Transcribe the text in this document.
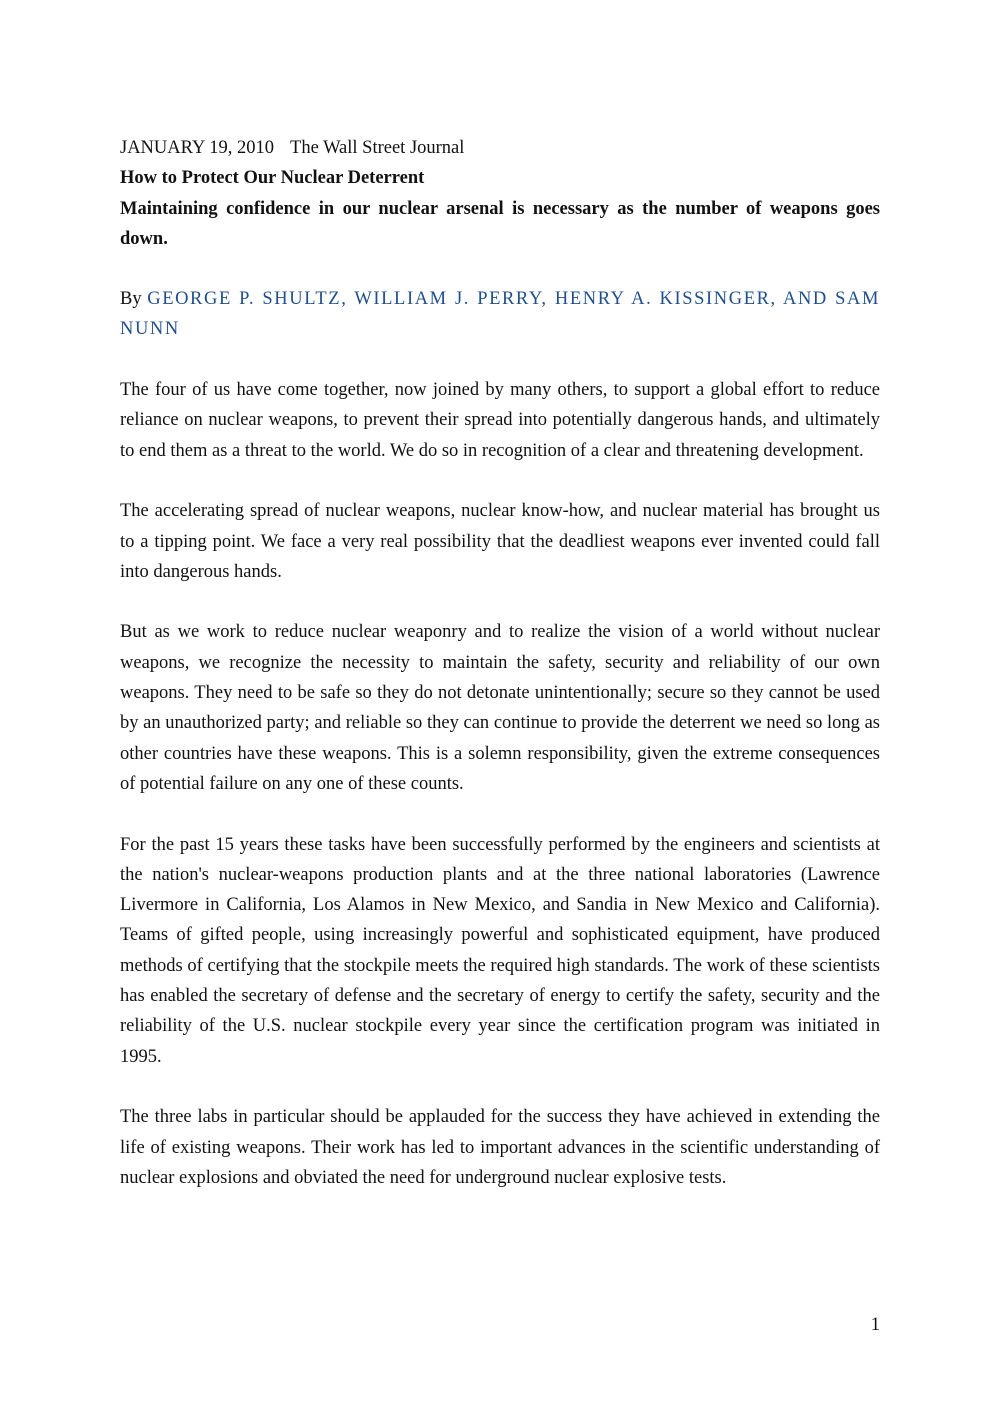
JANUARY 19, 2010 The Wall Street Journal

How to Protect Our Nuclear Deterrent

Maintaining confidence in our nuclear arsenal is necessary as the number of weapons goes down.

By GEORGE P. SHULTZ, WILLIAM J. PERRY, HENRY A. KISSINGER, AND SAM NUNN

The four of us have come together, now joined by many others, to support a global effort to reduce reliance on nuclear weapons, to prevent their spread into potentially dangerous hands, and ultimately to end them as a threat to the world. We do so in recognition of a clear and threatening development.

The accelerating spread of nuclear weapons, nuclear know-how, and nuclear material has brought us to a tipping point. We face a very real possibility that the deadliest weapons ever invented could fall into dangerous hands.

But as we work to reduce nuclear weaponry and to realize the vision of a world without nuclear weapons, we recognize the necessity to maintain the safety, security and reliability of our own weapons. They need to be safe so they do not detonate unintentionally; secure so they cannot be used by an unauthorized party; and reliable so they can continue to provide the deterrent we need so long as other countries have these weapons. This is a solemn responsibility, given the extreme consequences of potential failure on any one of these counts.

For the past 15 years these tasks have been successfully performed by the engineers and scientists at the nation's nuclear-weapons production plants and at the three national laboratories (Lawrence Livermore in California, Los Alamos in New Mexico, and Sandia in New Mexico and California). Teams of gifted people, using increasingly powerful and sophisticated equipment, have produced methods of certifying that the stockpile meets the required high standards. The work of these scientists has enabled the secretary of defense and the secretary of energy to certify the safety, security and the reliability of the U.S. nuclear stockpile every year since the certification program was initiated in 1995.

The three labs in particular should be applauded for the success they have achieved in extending the life of existing weapons. Their work has led to important advances in the scientific understanding of nuclear explosions and obviated the need for underground nuclear explosive tests.

1
